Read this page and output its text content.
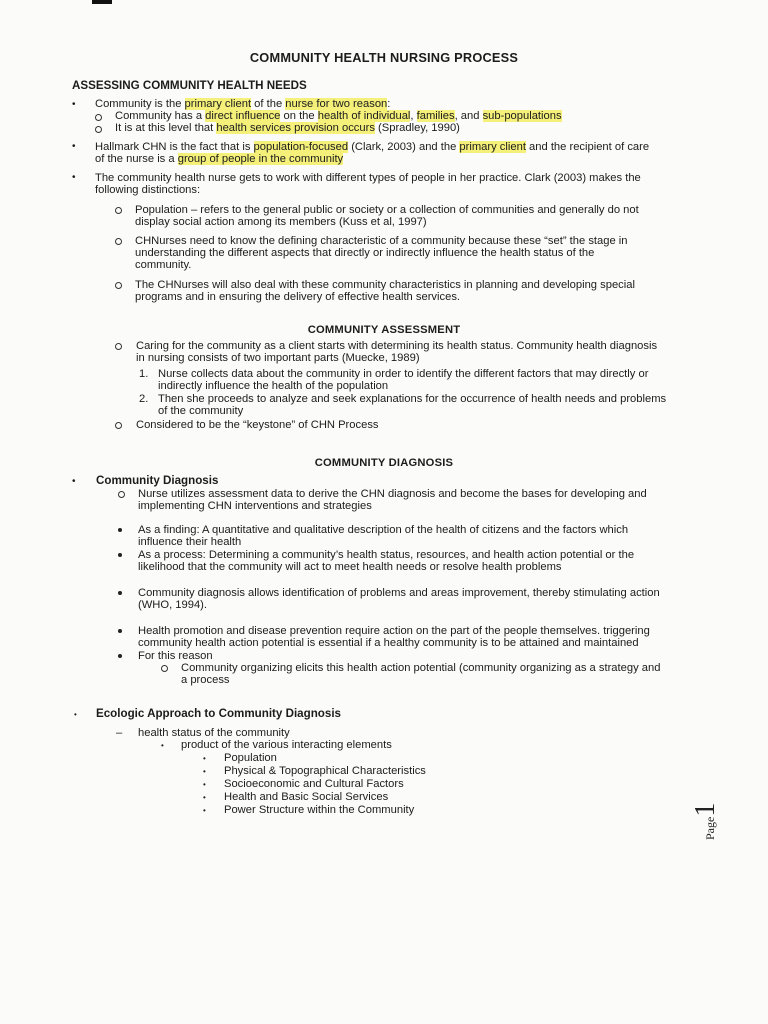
COMMUNITY HEALTH NURSING PROCESS
ASSESSING COMMUNITY HEALTH NEEDS
• Community is the primary client of the nurse for two reason:
Community has a direct influence on the health of individual, families, and sub-populations
It is at this level that health services provision occurs (Spradley, 1990)
• Hallmark CHN is the fact that is population-focused (Clark, 2003) and the primary client and the recipient of care
of the nurse is a group of people in the community
• The community health nurse gets to work with different types of people in her practice. Clark (2003) makes the
following distinctions:
Population – refers to the general public or society or a collection of communities and generally do not
display social action among its members (Kuss et al, 1997)
CHNurses need to know the defining characteristic of a community because these “set” the stage in
understanding the different aspects that directly or indirectly influence the health status of the
community.
The CHNurses will also deal with these community characteristics in planning and developing special
programs and in ensuring the delivery of effective health services.
COMMUNITY ASSESSMENT
Caring for the community as a client starts with determining its health status. Community health diagnosis
in nursing consists of two important parts (Muecke, 1989)
1. Nurse collects data about the community in order to identify the different factors that may directly or
indirectly influence the health of the population
2. Then she proceeds to analyze and seek explanations for the occurrence of health needs and problems
of the community
Considered to be the “keystone” of CHN Process
COMMUNITY DIAGNOSIS
• Community Diagnosis
Nurse utilizes assessment data to derive the CHN diagnosis and become the bases for developing and
implementing CHN interventions and strategies
As a finding: A quantitative and qualitative description of the health of citizens and the factors which
influence their health
As a process: Determining a community’s health status, resources, and health action potential or the
likelihood that the community will act to meet health needs or resolve health problems
Community diagnosis allows identification of problems and areas improvement, thereby stimulating action
(WHO, 1994).
Health promotion and disease prevention require action on the part of the people themselves. triggering
community health action potential is essential if a healthy community is to be attained and maintained
For this reason
Community organizing elicits this health action potential (community organizing as a strategy and
a process
• Ecologic Approach to Community Diagnosis
– health status of the community
• product of the various interacting elements
• Population
• Physical & Topographical Characteristics
• Socioeconomic and Cultural Factors
• Health and Basic Social Services
• Power Structure within the Community
Page1
